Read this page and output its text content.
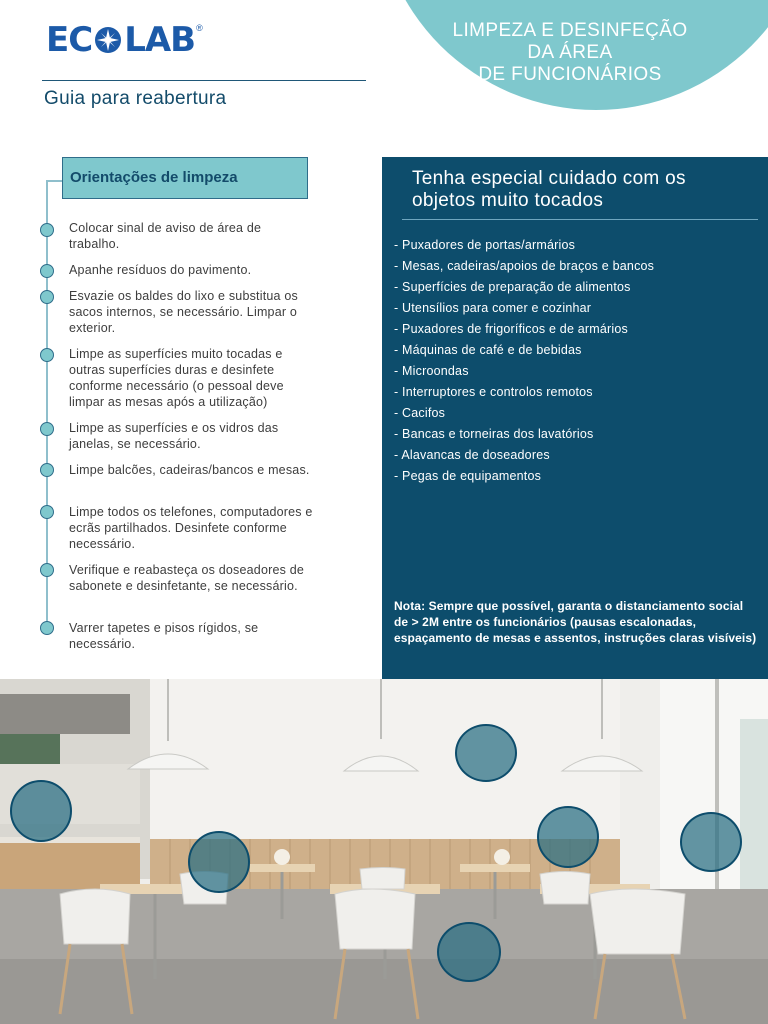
EC LAB ®
Guia para reabertura
LIMPEZA E DESINFEÇÃO
DA ÁREA
DE FUNCIONÁRIOS
Orientações de limpeza
Colocar sinal de aviso de área de trabalho.
Apanhe resíduos do pavimento.
Esvazie os baldes do lixo e substitua os sacos internos, se necessário. Limpar o exterior.
Limpe as superfícies muito tocadas e outras superfícies duras e desinfete conforme necessário (o pessoal deve limpar as mesas após a utilização)
Limpe as superfícies e os vidros das janelas, se necessário.
Limpe balcões, cadeiras/bancos e mesas.
Limpe todos os telefones, computadores e ecrãs partilhados. Desinfete conforme necessário.
Verifique e reabasteça os doseadores de sabonete e desinfetante, se necessário.
Varrer tapetes e pisos rígidos, se necessário.
Tenha especial cuidado com os objetos muito tocados
- Puxadores de portas/armários
- Mesas, cadeiras/apoios de braços e bancos
- Superfícies de preparação de alimentos
- Utensílios para comer e cozinhar
- Puxadores de frigoríficos e de armários
- Máquinas de café e de bebidas
- Microondas
- Interruptores e controlos remotos
- Cacifos
- Bancas e torneiras dos lavatórios
- Alavancas de doseadores
- Pegas de equipamentos
Nota: Sempre que possível, garanta o distanciamento social de > 2M entre os funcionários (pausas escalonadas, espaçamento de mesas e assentos, instruções claras visíveis)
